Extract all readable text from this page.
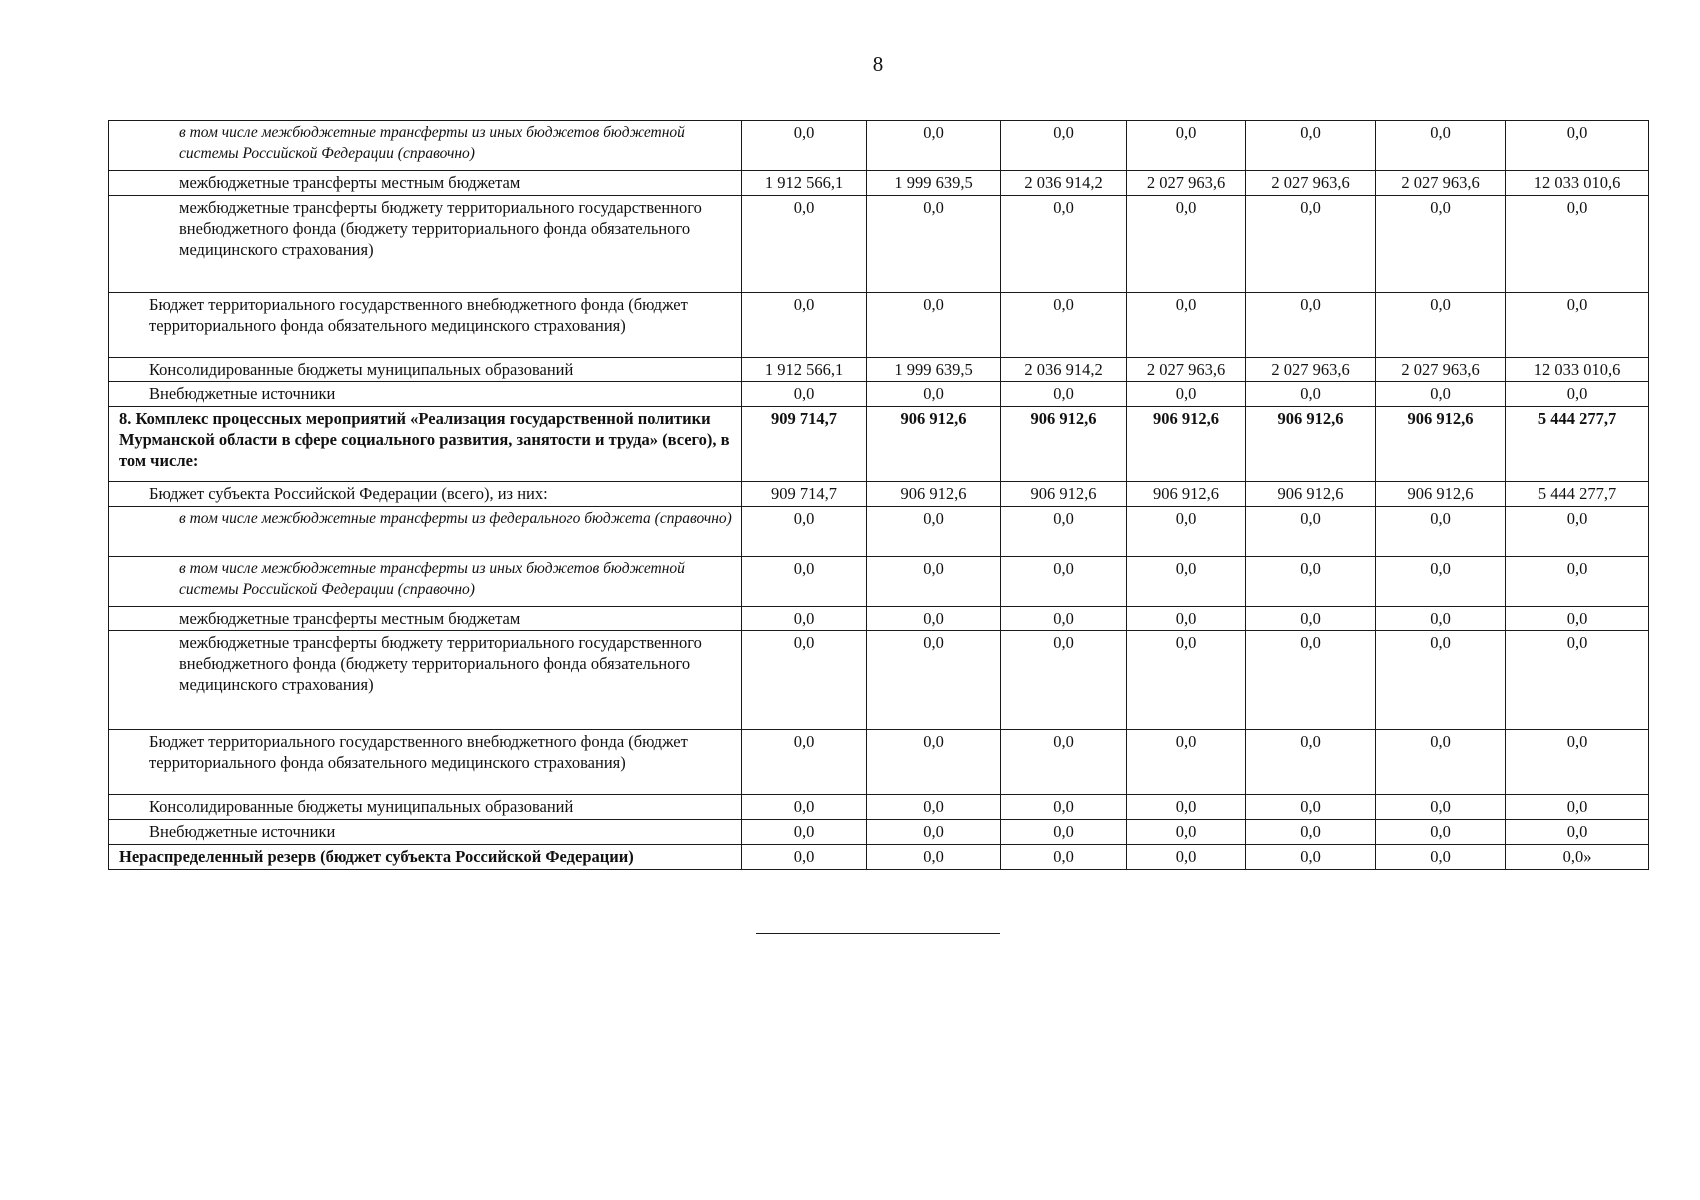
8
в том числе межбюджетные трансферты из иных бюджетов бюджетной системы Российской Федерации (справочно)	0,0	0,0	0,0	0,0	0,0	0,0	0,0
межбюджетные трансферты местным бюджетам	1 912 566,1	1 999 639,5	2 036 914,2	2 027 963,6	2 027 963,6	2 027 963,6	12 033 010,6
межбюджетные трансферты бюджету территориального государственного внебюджетного фонда (бюджету территориального фонда обязательного медицинского страхования)	0,0	0,0	0,0	0,0	0,0	0,0	0,0
Бюджет территориального государственного внебюджетного фонда (бюджет территориального фонда обязательного медицинского страхования)	0,0	0,0	0,0	0,0	0,0	0,0	0,0
Консолидированные бюджеты муниципальных образований	1 912 566,1	1 999 639,5	2 036 914,2	2 027 963,6	2 027 963,6	2 027 963,6	12 033 010,6
Внебюджетные источники	0,0	0,0	0,0	0,0	0,0	0,0	0,0
8. Комплекс процессных мероприятий «Реализация государственной политики Мурманской области в сфере социального развития, занятости и труда» (всего), в том числе:	909 714,7	906 912,6	906 912,6	906 912,6	906 912,6	906 912,6	5 444 277,7
Бюджет субъекта Российской Федерации (всего), из них:	909 714,7	906 912,6	906 912,6	906 912,6	906 912,6	906 912,6	5 444 277,7
в том числе межбюджетные трансферты из федерального бюджета (справочно)	0,0	0,0	0,0	0,0	0,0	0,0	0,0
в том числе межбюджетные трансферты из иных бюджетов бюджетной системы Российской Федерации (справочно)	0,0	0,0	0,0	0,0	0,0	0,0	0,0
межбюджетные трансферты местным бюджетам	0,0	0,0	0,0	0,0	0,0	0,0	0,0
межбюджетные трансферты бюджету территориального государственного внебюджетного фонда (бюджету территориального фонда обязательного медицинского страхования)	0,0	0,0	0,0	0,0	0,0	0,0	0,0
Бюджет территориального государственного внебюджетного фонда (бюджет территориального фонда обязательного медицинского страхования)	0,0	0,0	0,0	0,0	0,0	0,0	0,0
Консолидированные бюджеты муниципальных образований	0,0	0,0	0,0	0,0	0,0	0,0	0,0
Внебюджетные источники	0,0	0,0	0,0	0,0	0,0	0,0	0,0
Нераспределенный резерв (бюджет субъекта Российской Федерации)	0,0	0,0	0,0	0,0	0,0	0,0	0,0»
